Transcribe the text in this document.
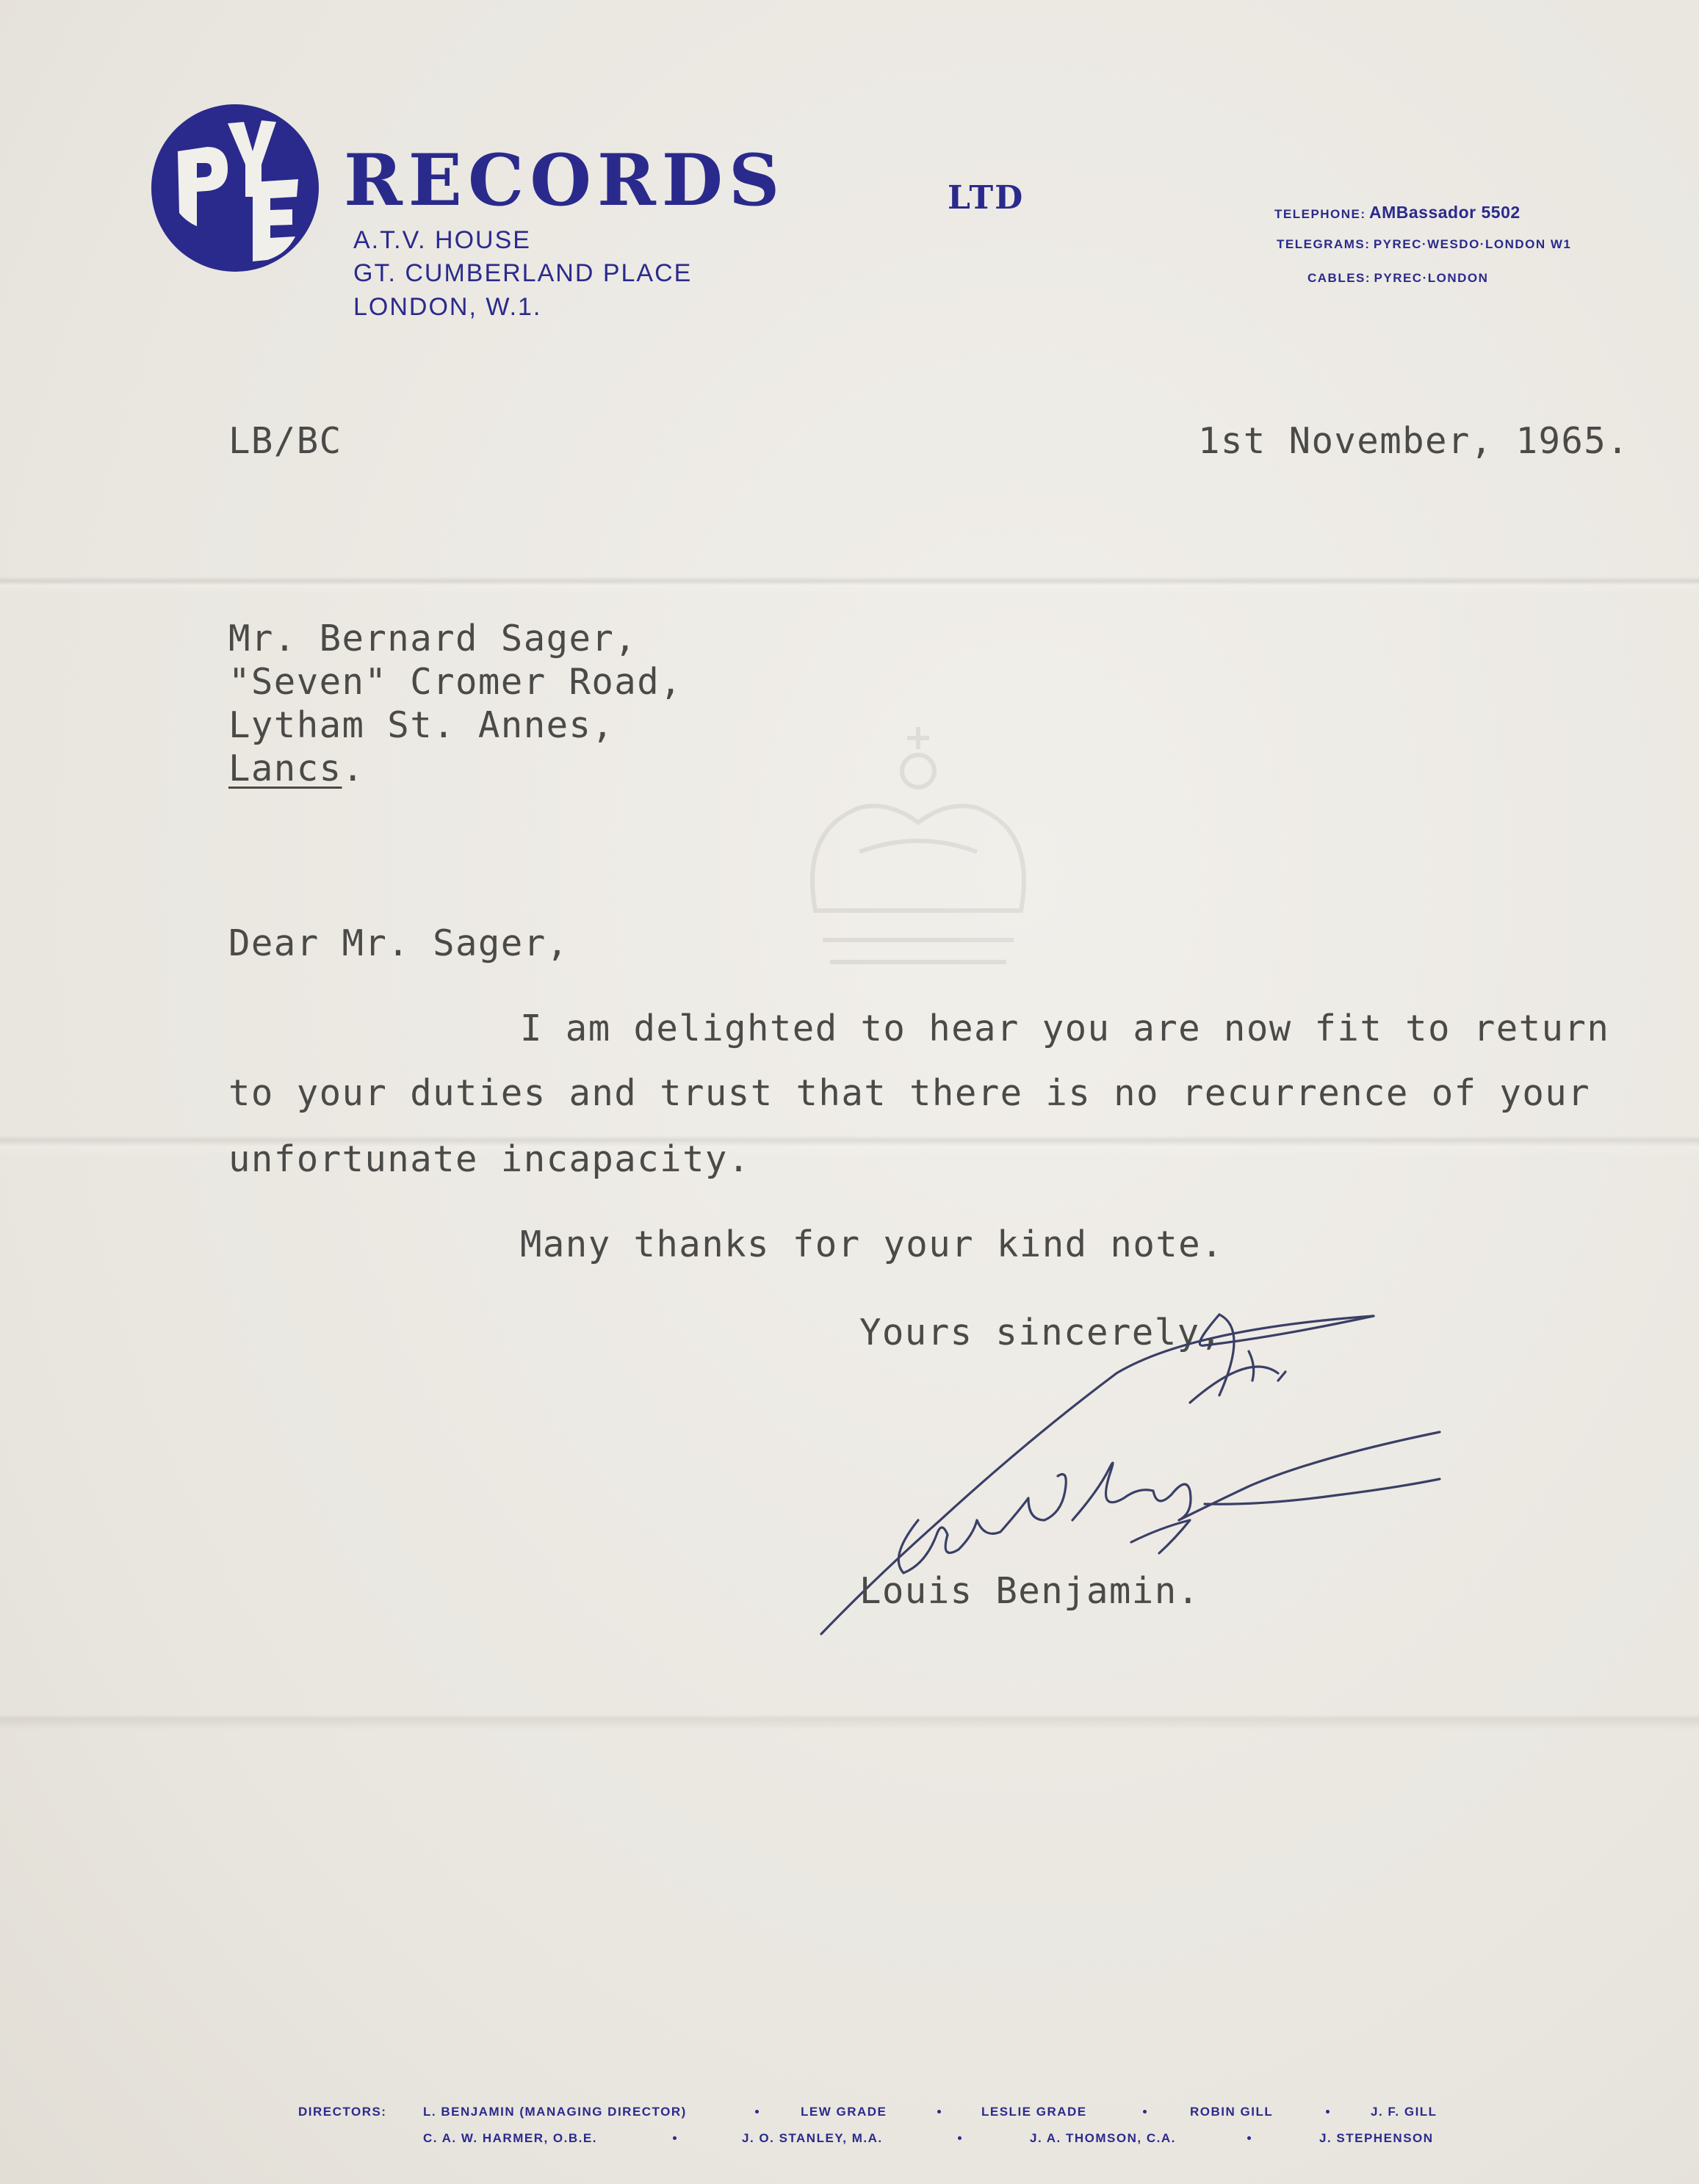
RECORDS	LTD
A.T.V. HOUSE
GT. CUMBERLAND PLACE
LONDON, W.1.
TELEPHONE: AMBassador 5502
TELEGRAMS: PYREC·WESDO·LONDON W1
CABLES: PYREC·LONDON
LB/BC	1st November, 1965.
Mr. Bernard Sager,
"Seven" Cromer Road,
Lytham St. Annes,
Lancs.
Dear Mr. Sager,
I am delighted to hear you are now fit to return
to your duties and trust that there is no recurrence of your
unfortunate incapacity.
Many thanks for your kind note.
Yours sincerely,
Louis Benjamin.
DIRECTORS:	L. BENJAMIN (MANAGING DIRECTOR)	LEW GRADE	LESLIE GRADE	ROBIN GILL	J. F. GILL
C. A. W. HARMER, O.B.E.	J. O. STANLEY, M.A.	J. A. THOMSON, C.A.	J. STEPHENSON
